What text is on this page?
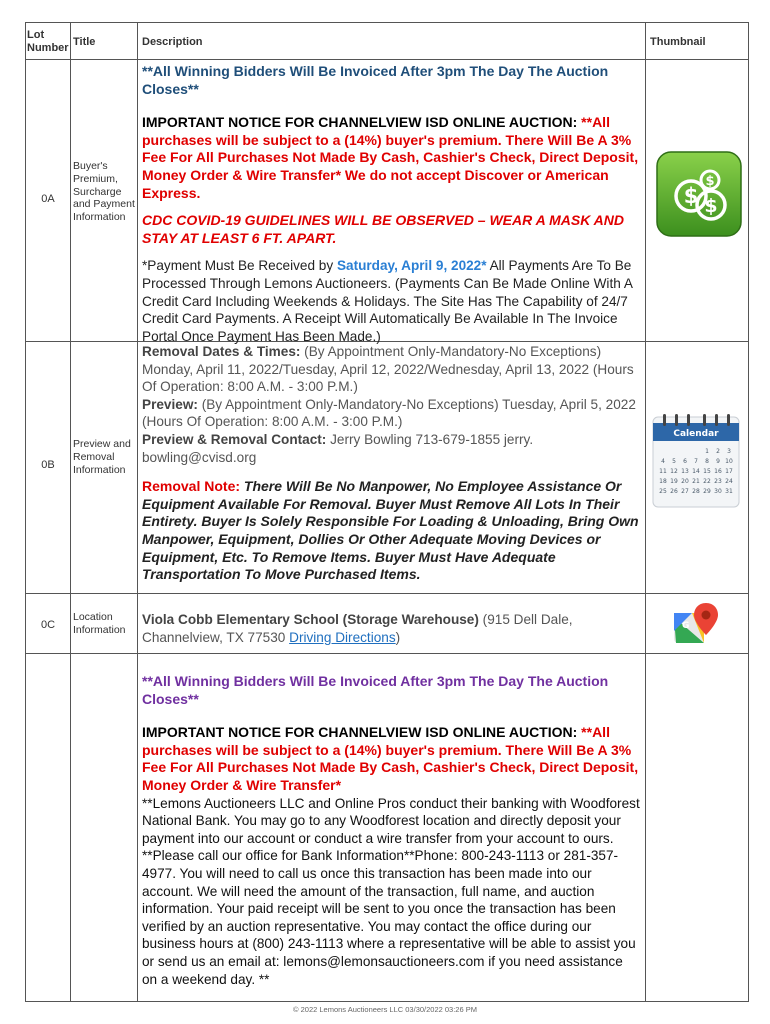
Lot Number Title	Description	Thumbnail
0A
Buyer's Premium, Surcharge and Payment Information

**All Winning Bidders Will Be Invoiced After 3pm The Day The Auction Closes**

IMPORTANT NOTICE FOR CHANNELVIEW ISD ONLINE AUCTION: **All purchases will be subject to a (14%) buyer's premium. There Will Be A 3% Fee For All Purchases Not Made By Cash, Cashier's Check, Direct Deposit, Money Order & Wire Transfer* We do not accept Discover or American Express.

CDC COVID-19 GUIDELINES WILL BE OBSERVED – WEAR A MASK AND STAY AT LEAST 6 FT. APART.

*Payment Must Be Received by Saturday, April 9, 2022* All Payments Are To Be Processed Through Lemons Auctioneers. (Payments Can Be Made Online With A Credit Card Including Weekends & Holidays. The Site Has The Capability of 24/7 Credit Card Payments. A Receipt Will Automatically Be Available In The Invoice Portal Once Payment Has Been Made.)

$ $
$
0B
Preview and Removal Information

Removal Dates & Times: (By Appointment Only-Mandatory-No Exceptions) Monday, April 11, 2022/Tuesday, April 12, 2022/Wednesday, April 13, 2022 (Hours Of Operation: 8:00 A.M. - 3:00 P.M.)

Preview: (By Appointment Only-Mandatory-No Exceptions) Tuesday, April 5, 2022 (Hours Of Operation: 8:00 A.M. - 3:00 P.M.)

Preview & Removal Contact: Jerry Bowling 713-679-1855 jerry. bowling@cvisd.org

Removal Note: There Will Be No Manpower, No Employee Assistance Or Equipment Available For Removal. Buyer Must Remove All Lots In Their Entirety. Buyer Is Solely Responsible For Loading & Unloading, Bring Own Manpower, Equipment, Dollies Or Other Adequate Moving Devices or Equipment, Etc. To Remove Items. Buyer Must Have Adequate Transportation To Move Purchased Items.

Calendar
1 2 3
4 5 6 7 8 9 10
11 12 13 14 15 16 17
18 19 20 21 22 23 24
25 26 27 28 29 30 31
0C
Location Information

Viola Cobb Elementary School (Storage Warehouse) (915 Dell Dale, Channelview, TX 77530 Driving Directions)

G

**All Winning Bidders Will Be Invoiced After 3pm The Day The Auction Closes**

IMPORTANT NOTICE FOR CHANNELVIEW ISD ONLINE AUCTION: **All purchases will be subject to a (14%) buyer's premium. There Will Be A 3% Fee For All Purchases Not Made By Cash, Cashier's Check, Direct Deposit, Money Order & Wire Transfer*

**Lemons Auctioneers LLC and Online Pros conduct their banking with Woodforest National Bank. You may go to any Woodforest location and directly deposit your payment into our account or conduct a wire transfer from your account to ours. **Please call our office for Bank Information**Phone: 800-243-1113 or 281-357-4977. You will need to call us once this transaction has been made into our account. We will need the amount of the transaction, full name, and auction information. Your paid receipt will be sent to you once the transaction has been verified by an auction representative. You may contact the office during our business hours at (800) 243-1113 where a representative will be able to assist you or send us an email at: lemons@lemonsauctioneers.com if you need assistance on a weekend day. **

© 2022 Lemons Auctioneers LLC 03/30/2022 03:26 PM
